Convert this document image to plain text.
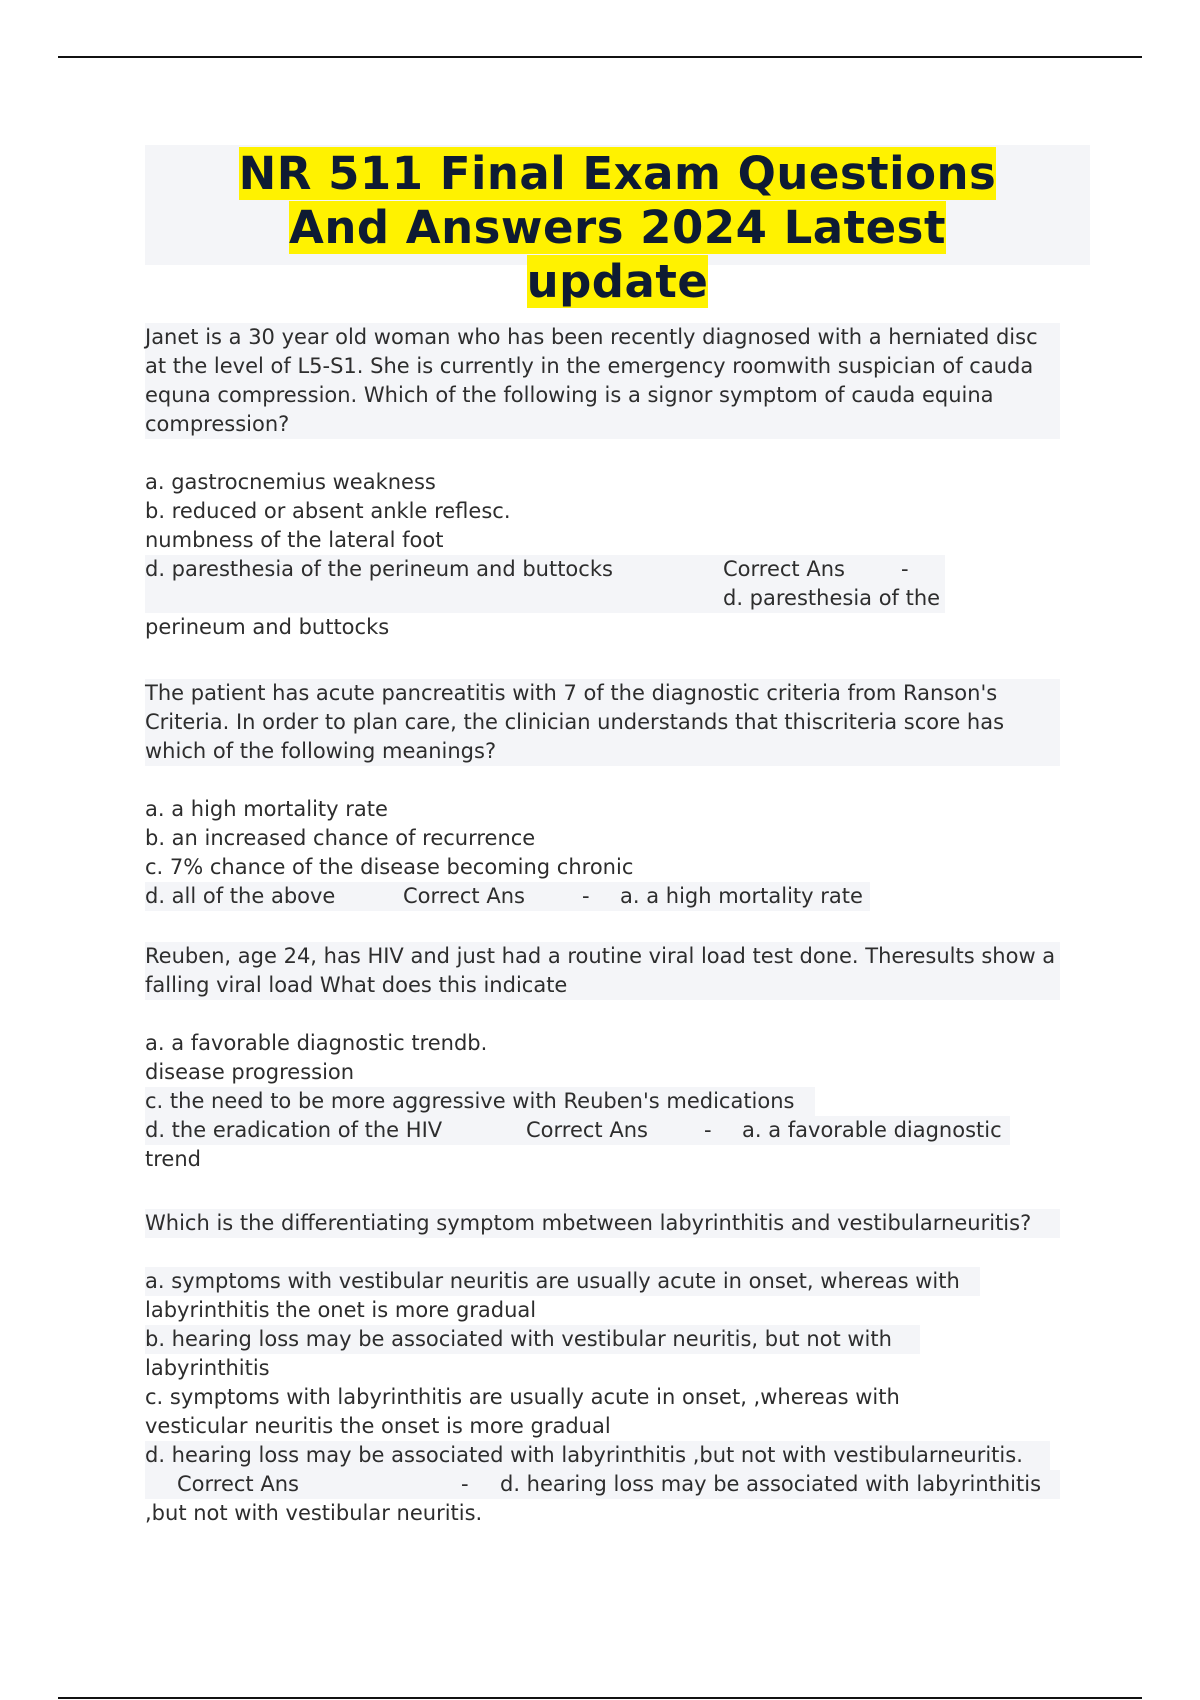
NR 511 Final Exam Questions
And Answers 2024 Latest
update

Janet is a 30 year old woman who has been recently diagnosed with a herniated disc at the level of L5-S1. She is currently in the emergency roomwith suspician of cauda equna compression. Which of the following is a signor symptom of cauda equina compression?

a. gastrocnemius weakness
b. reduced or absent ankle reflesc.
numbness of the lateral foot
d. paresthesia of the perineum and buttocks	Correct Ans	-
d. paresthesia of the
perineum and buttocks

The patient has acute pancreatitis with 7 of the diagnostic criteria from Ranson's Criteria. In order to plan care, the clinician understands that thiscriteria score has which of the following meanings?

a. a high mortality rate
b. an increased chance of recurrence
c. 7% chance of the disease becoming chronic
d. all of the above	Correct Ans	- a. a high mortality rate

Reuben, age 24, has HIV and just had a routine viral load test done. Theresults show a falling viral load What does this indicate

a. a favorable diagnostic trendb.
disease progression
c. the need to be more aggressive with Reuben's medications
d. the eradication of the HIV	Correct Ans	- a. a favorable diagnostic
trend

Which is the differentiating symptom mbetween labyrinthitis and vestibularneuritis?

a. symptoms with vestibular neuritis are usually acute in onset, whereas with
labyrinthitis the onet is more gradual
b. hearing loss may be associated with vestibular neuritis, but not with
labyrinthitis
c. symptoms with labyrinthitis are usually acute in onset, ,whereas with
vesticular neuritis the onset is more gradual
d. hearing loss may be associated with labyrinthitis ,but not with vestibularneuritis.
Correct Ans	- d. hearing loss may be associated with labyrinthitis
,but not with vestibular neuritis.
